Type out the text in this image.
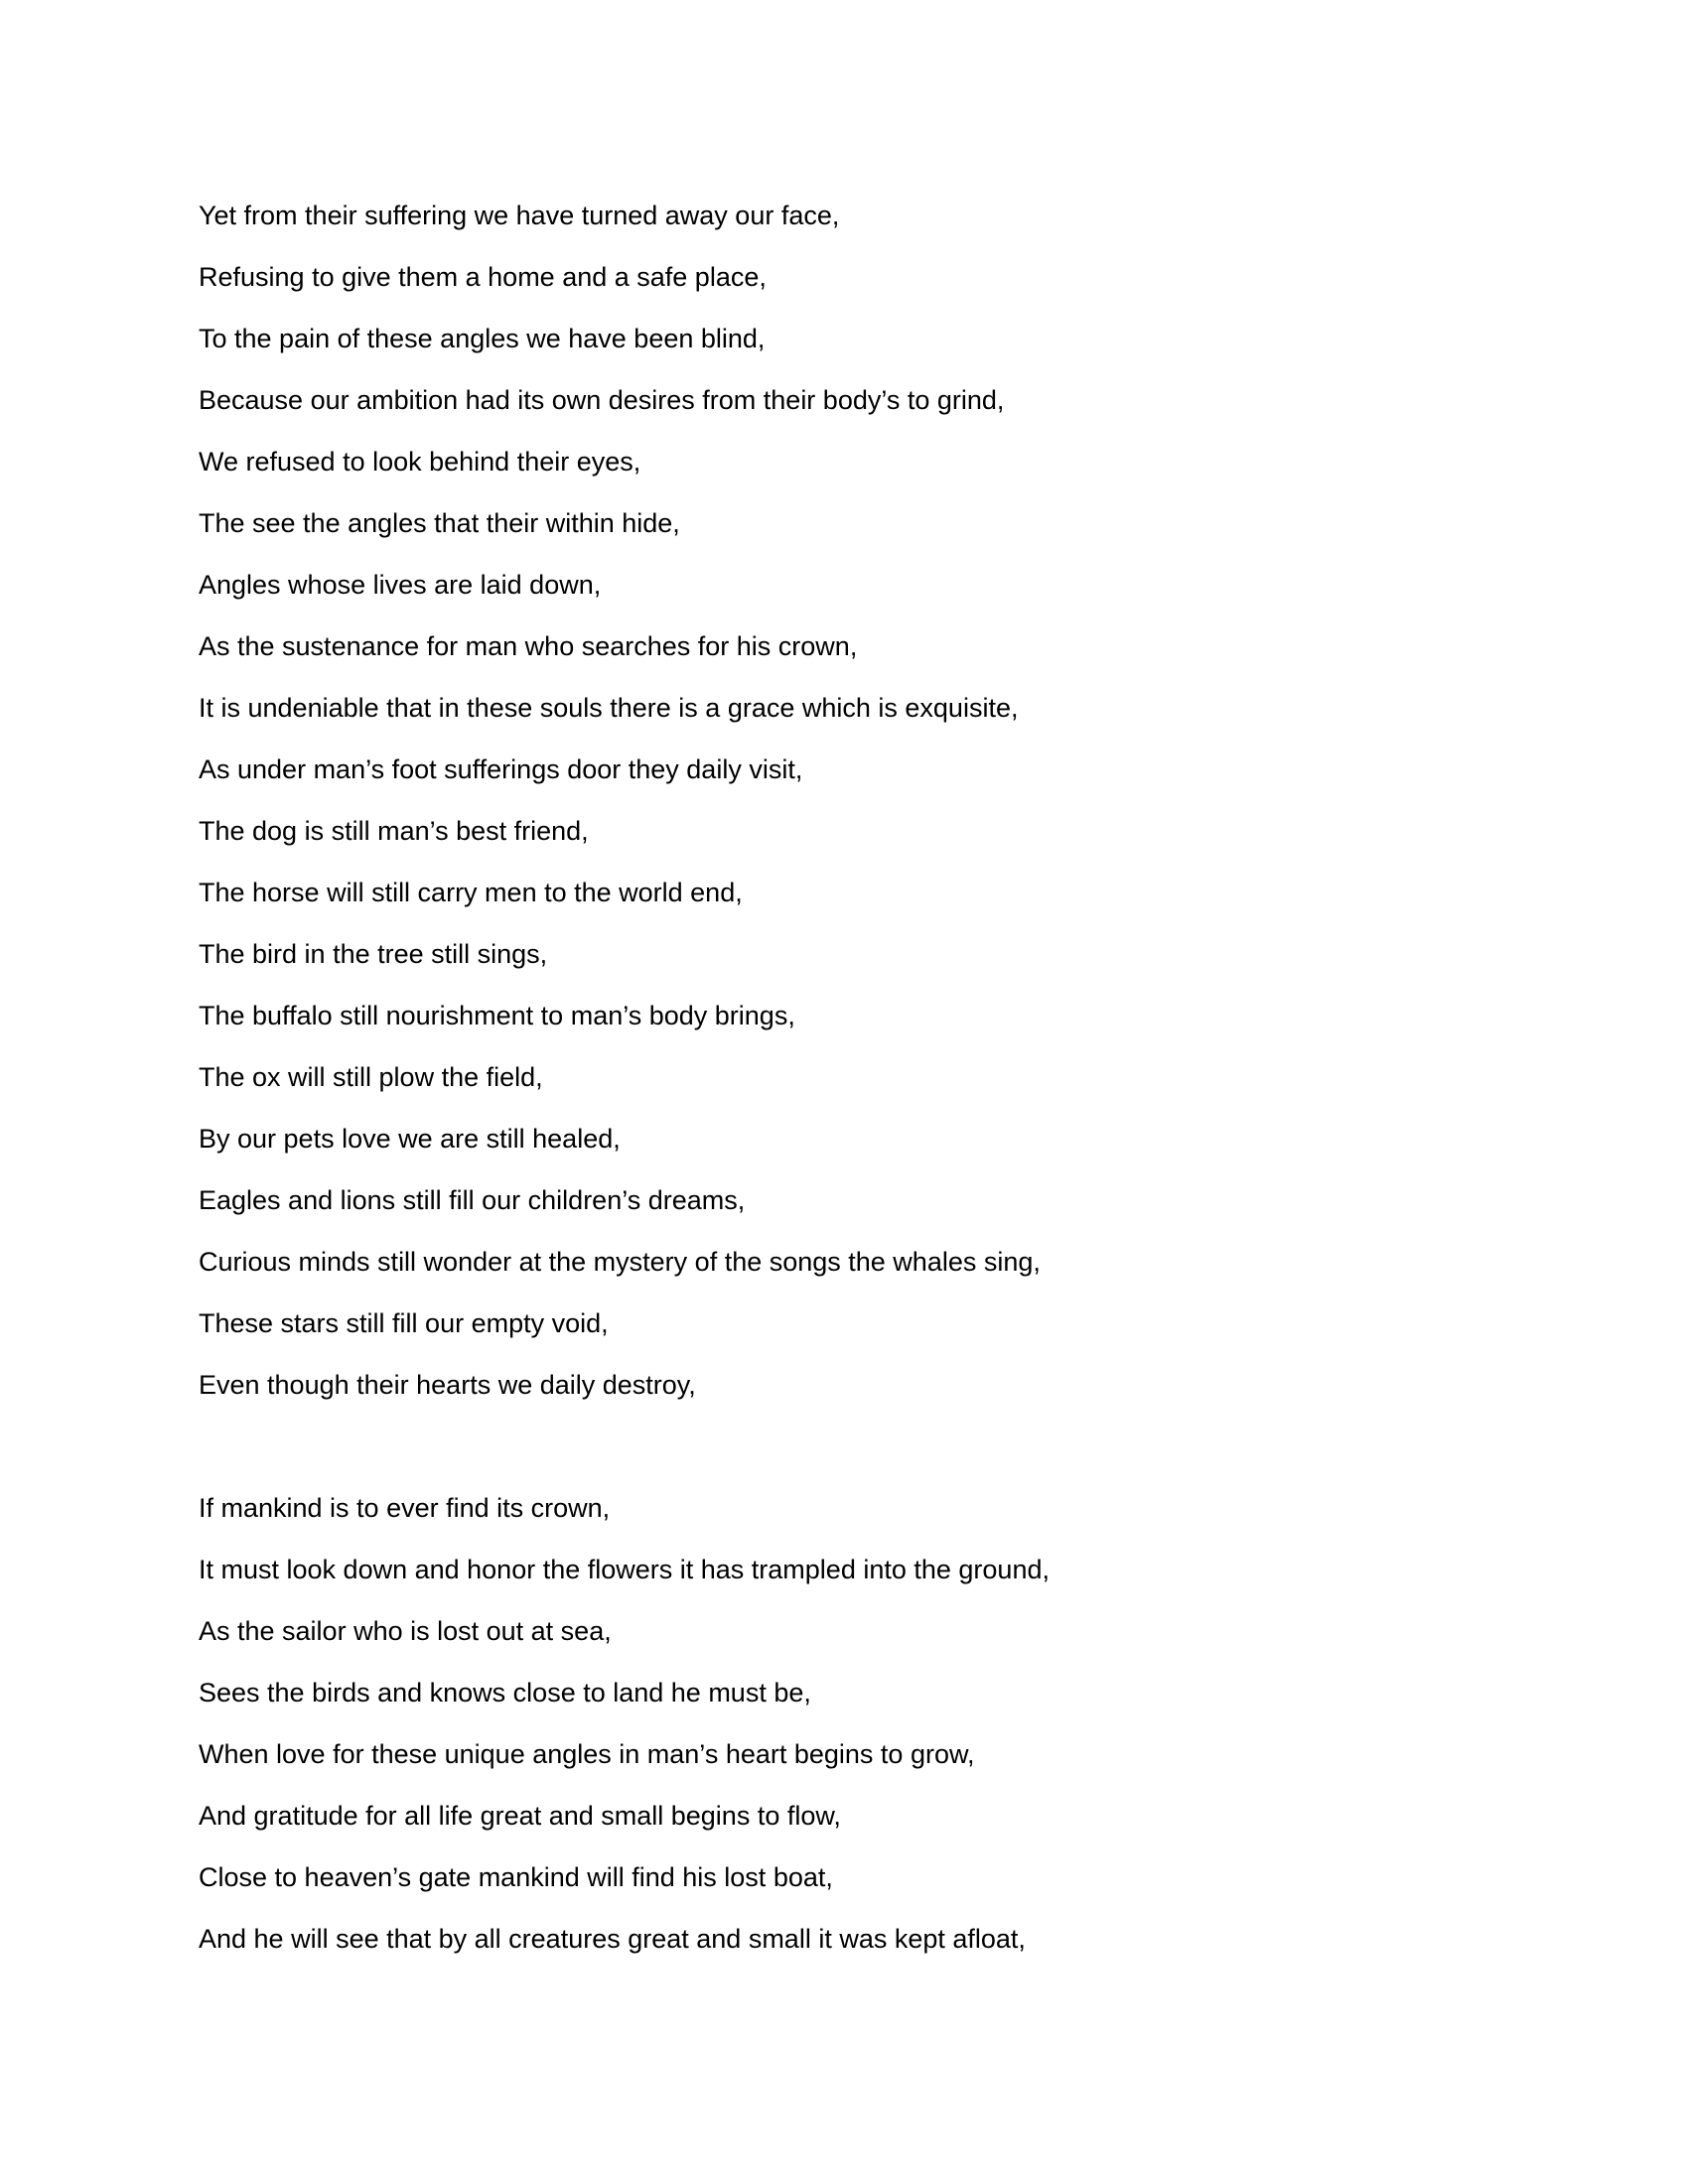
Yet from their suffering we have turned away our face,
Refusing to give them a home and a safe place,
To the pain of these angles we have been blind,
Because our ambition had its own desires from their body’s to grind,
We refused to look behind their eyes,
The see the angles that their within hide,
Angles whose lives are laid down,
As the sustenance for man who searches for his crown,
It is undeniable that in these souls there is a grace which is exquisite,
As under man’s foot sufferings door they daily visit,
The dog is still man’s best friend,
The horse will still carry men to the world end,
The bird in the tree still sings,
The buffalo still nourishment to man’s body brings,
The ox will still plow the field,
By our pets love we are still healed,
Eagles and lions still fill our children’s dreams,
Curious minds still wonder at the mystery of the songs the whales sing,
These stars still fill our empty void,
Even though their hearts we daily destroy,
If mankind is to ever find its crown,
It must look down and honor the flowers it has trampled into the ground,
As the sailor who is lost out at sea,
Sees the birds and knows close to land he must be,
When love for these unique angles in man’s heart begins to grow,
And gratitude for all life great and small begins to flow,
Close to heaven’s gate mankind will find his lost boat,
And he will see that by all creatures great and small it was kept afloat,
